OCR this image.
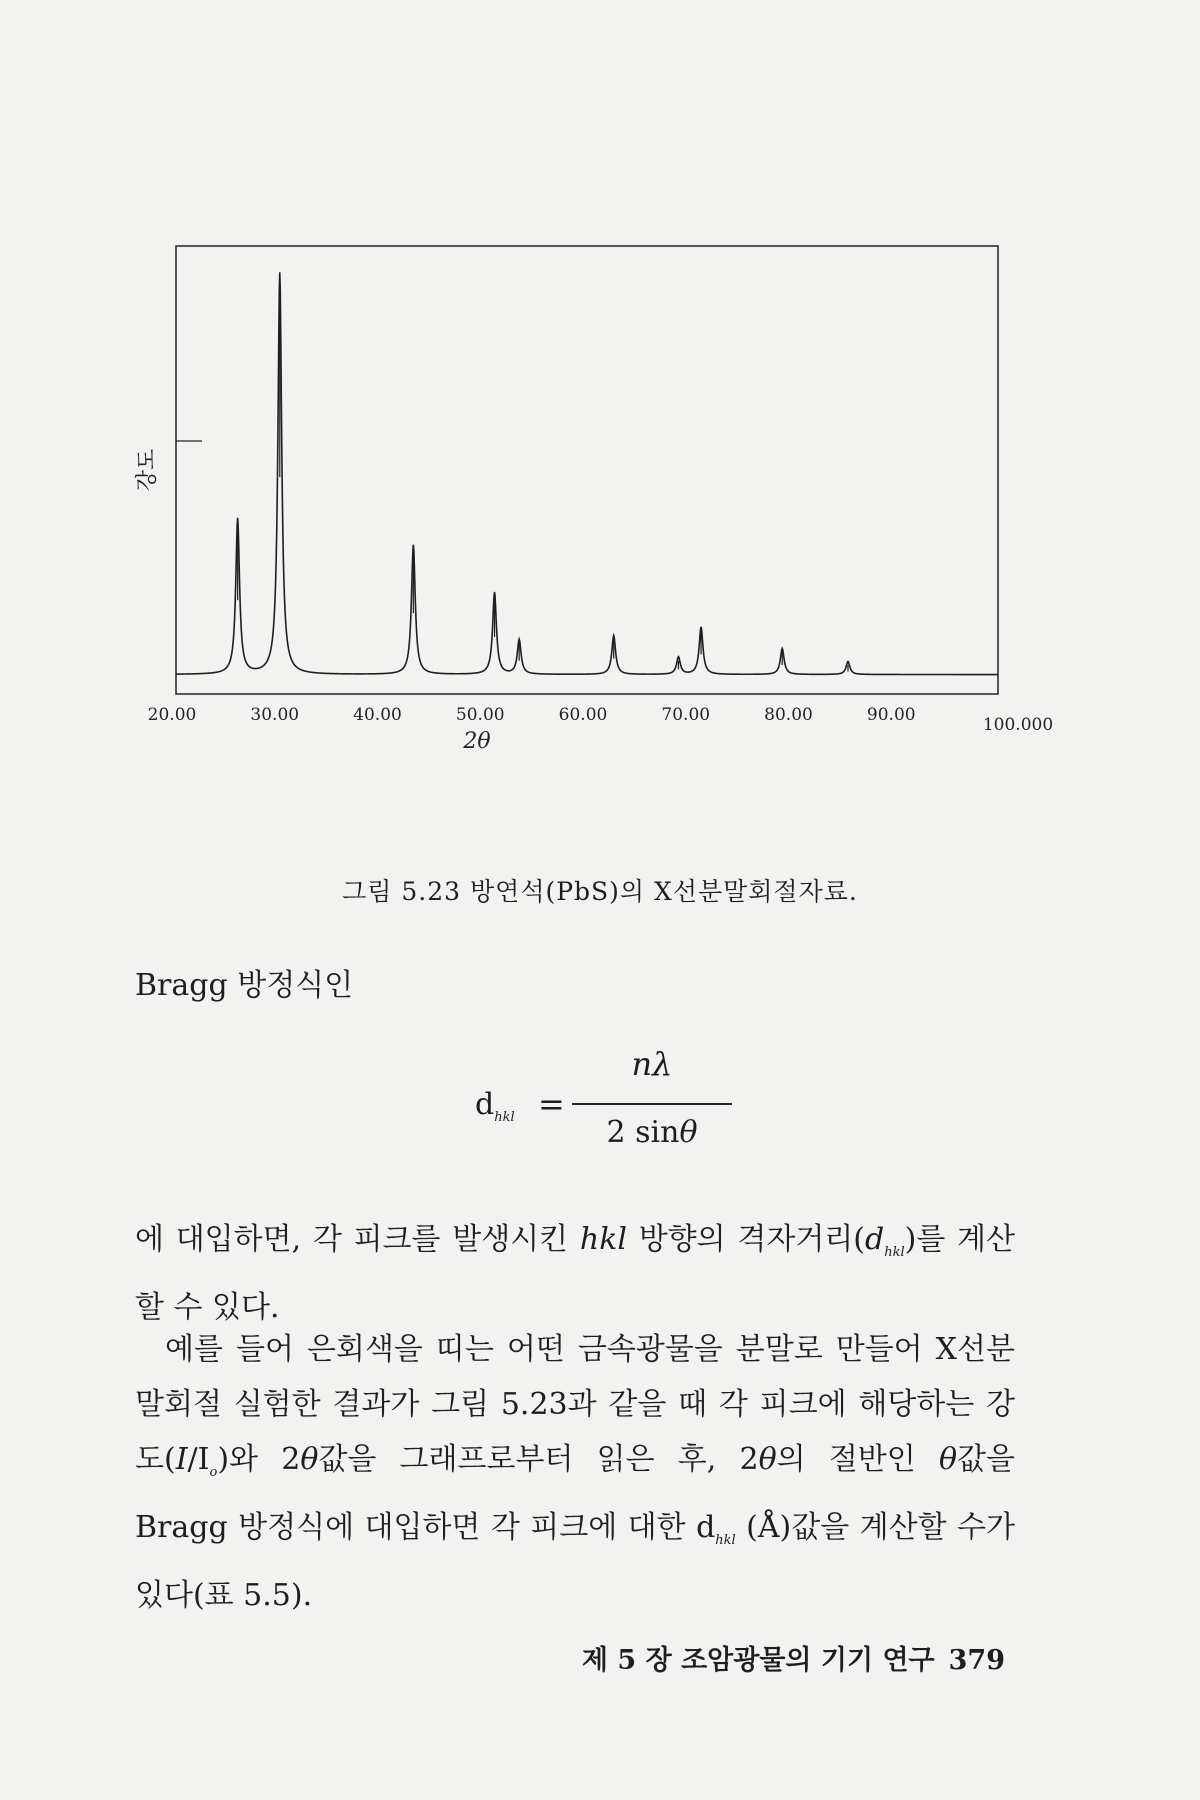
20.00	30.00	40.00	50.00	60.00	70.00	80.00	90.00	100.000
강도
2θ
그림 5.23 방연석(PbS)의 X선분말회절자료.
Bragg 방정식인
$d_{hkl}$ =
nλ
2 sinθ
에 대입하면, 각 피크를 발생시킨 hkl 방향의 격자거리$(d_{hkl})$를 계산할 수 있다.
예를 들어 은회색을 띠는 어떤 금속광물을 분말로 만들어 X선분말회절 실험한 결과가 그림 5.23과 같을 때 각 피크에 해당하는 강도$(I/I_o)$와 2θ값을 그래프로부터 읽은 후, 2θ의 절반인 θ값을 Bragg 방정식에 대입하면 각 피크에 대한 $d_{hkl}$ (Å)값을 계산할 수가 있다(표 5.5).
제 5 장 조암광물의 기기 연구 379
